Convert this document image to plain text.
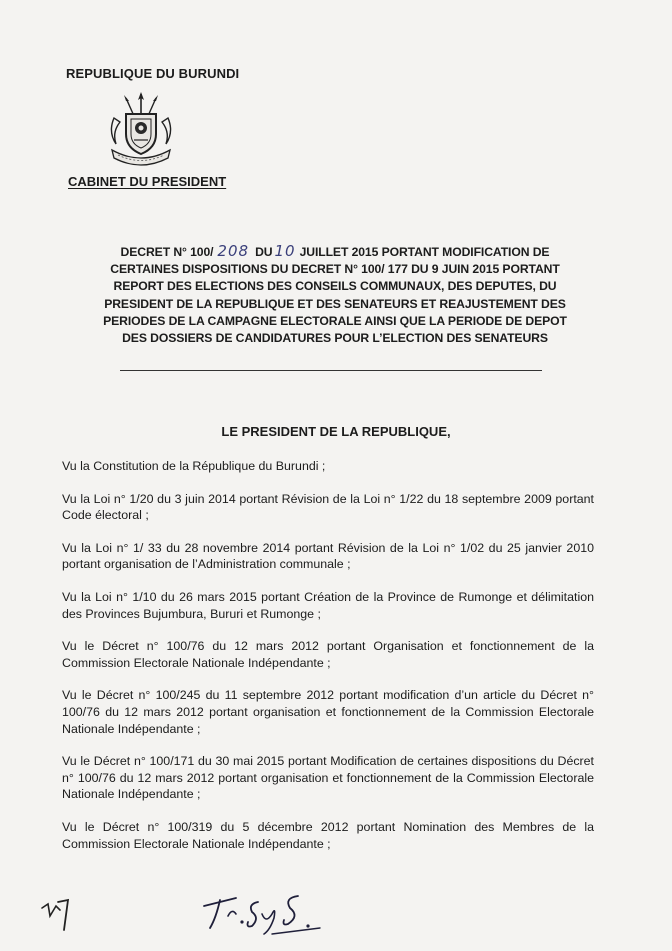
REPUBLIQUE DU BURUNDI
CABINET DU PRESIDENT
DECRET N° 100/ 208 DU 10 JUILLET 2015 PORTANT MODIFICATION DE
CERTAINES DISPOSITIONS DU DECRET N° 100/ 177 DU 9 JUIN 2015 PORTANT
REPORT DES ELECTIONS DES CONSEILS COMMUNAUX, DES DEPUTES, DU
PRESIDENT DE LA REPUBLIQUE ET DES SENATEURS ET REAJUSTEMENT DES
PERIODES DE LA CAMPAGNE ELECTORALE AINSI QUE LA PERIODE DE DEPOT
DES DOSSIERS DE CANDIDATURES POUR L’ELECTION DES SENATEURS
LE PRESIDENT DE LA REPUBLIQUE,

Vu la Constitution de la République du Burundi ;

Vu la Loi n° 1/20 du 3 juin 2014 portant Révision de la Loi n° 1/22 du 18 septembre 2009 portant Code électoral ;

Vu la Loi n° 1/ 33 du 28 novembre 2014 portant Révision de la Loi n° 1/02 du 25 janvier 2010 portant organisation de l’Administration communale ;

Vu la Loi n° 1/10 du 26 mars 2015 portant Création de la Province de Rumonge et délimitation des Provinces Bujumbura, Bururi et Rumonge ;

Vu le Décret n° 100/76 du 12 mars 2012 portant Organisation et fonctionnement de la Commission Electorale Nationale Indépendante ;

Vu le Décret n° 100/245 du 11 septembre 2012 portant modification d’un article du Décret n° 100/76 du 12 mars 2012 portant organisation et fonctionnement de la Commission Electorale Nationale Indépendante ;

Vu le Décret n° 100/171 du 30 mai 2015 portant Modification de certaines dispositions du Décret n° 100/76 du 12 mars 2012 portant organisation et fonctionnement de la Commission Electorale Nationale Indépendante ;

Vu le Décret n° 100/319 du 5 décembre 2012 portant Nomination des Membres de la Commission Electorale Nationale Indépendante ;
